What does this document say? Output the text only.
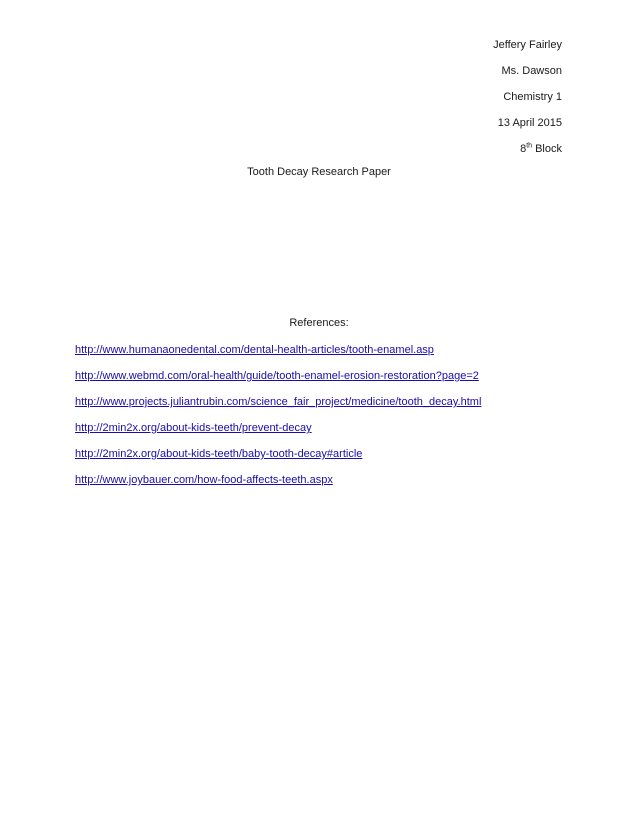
Jeffery Fairley
Ms. Dawson
Chemistry 1
13 April 2015
8th Block
Tooth Decay Research Paper
References:
http://www.humanaonedental.com/dental-health-articles/tooth-enamel.asp
http://www.webmd.com/oral-health/guide/tooth-enamel-erosion-restoration?page=2
http://www.projects.juliantrubin.com/science_fair_project/medicine/tooth_decay.html
http://2min2x.org/about-kids-teeth/prevent-decay
http://2min2x.org/about-kids-teeth/baby-tooth-decay#article
http://www.joybauer.com/how-food-affects-teeth.aspx
